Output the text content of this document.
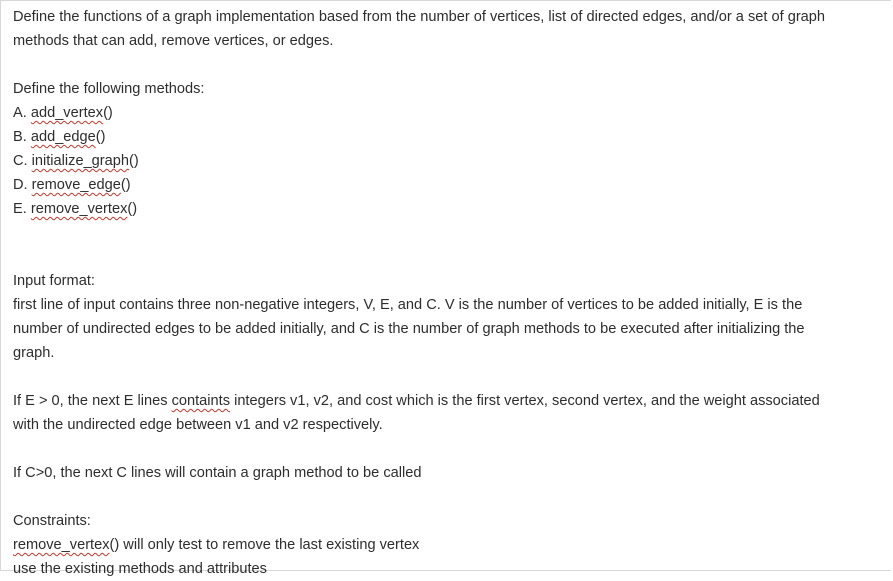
Define the functions of a graph implementation based from the number of vertices, list of directed edges, and/or a set of graph
methods that can add, remove vertices, or edges.
Define the following methods:
A. add_vertex()
B. add_edge()
C. initialize_graph()
D. remove_edge()
E. remove_vertex()
Input format:
first line of input contains three non-negative integers, V, E, and C. V is the number of vertices to be added initially, E is the
number of undirected edges to be added initially, and C is the number of graph methods to be executed after initializing the
graph.
If E > 0, the next E lines containts integers v1, v2, and cost which is the first vertex, second vertex, and the weight associated
with the undirected edge between v1 and v2 respectively.
If C>0, the next C lines will contain a graph method to be called
Constraints:
remove_vertex() will only test to remove the last existing vertex
use the existing methods and attributes
